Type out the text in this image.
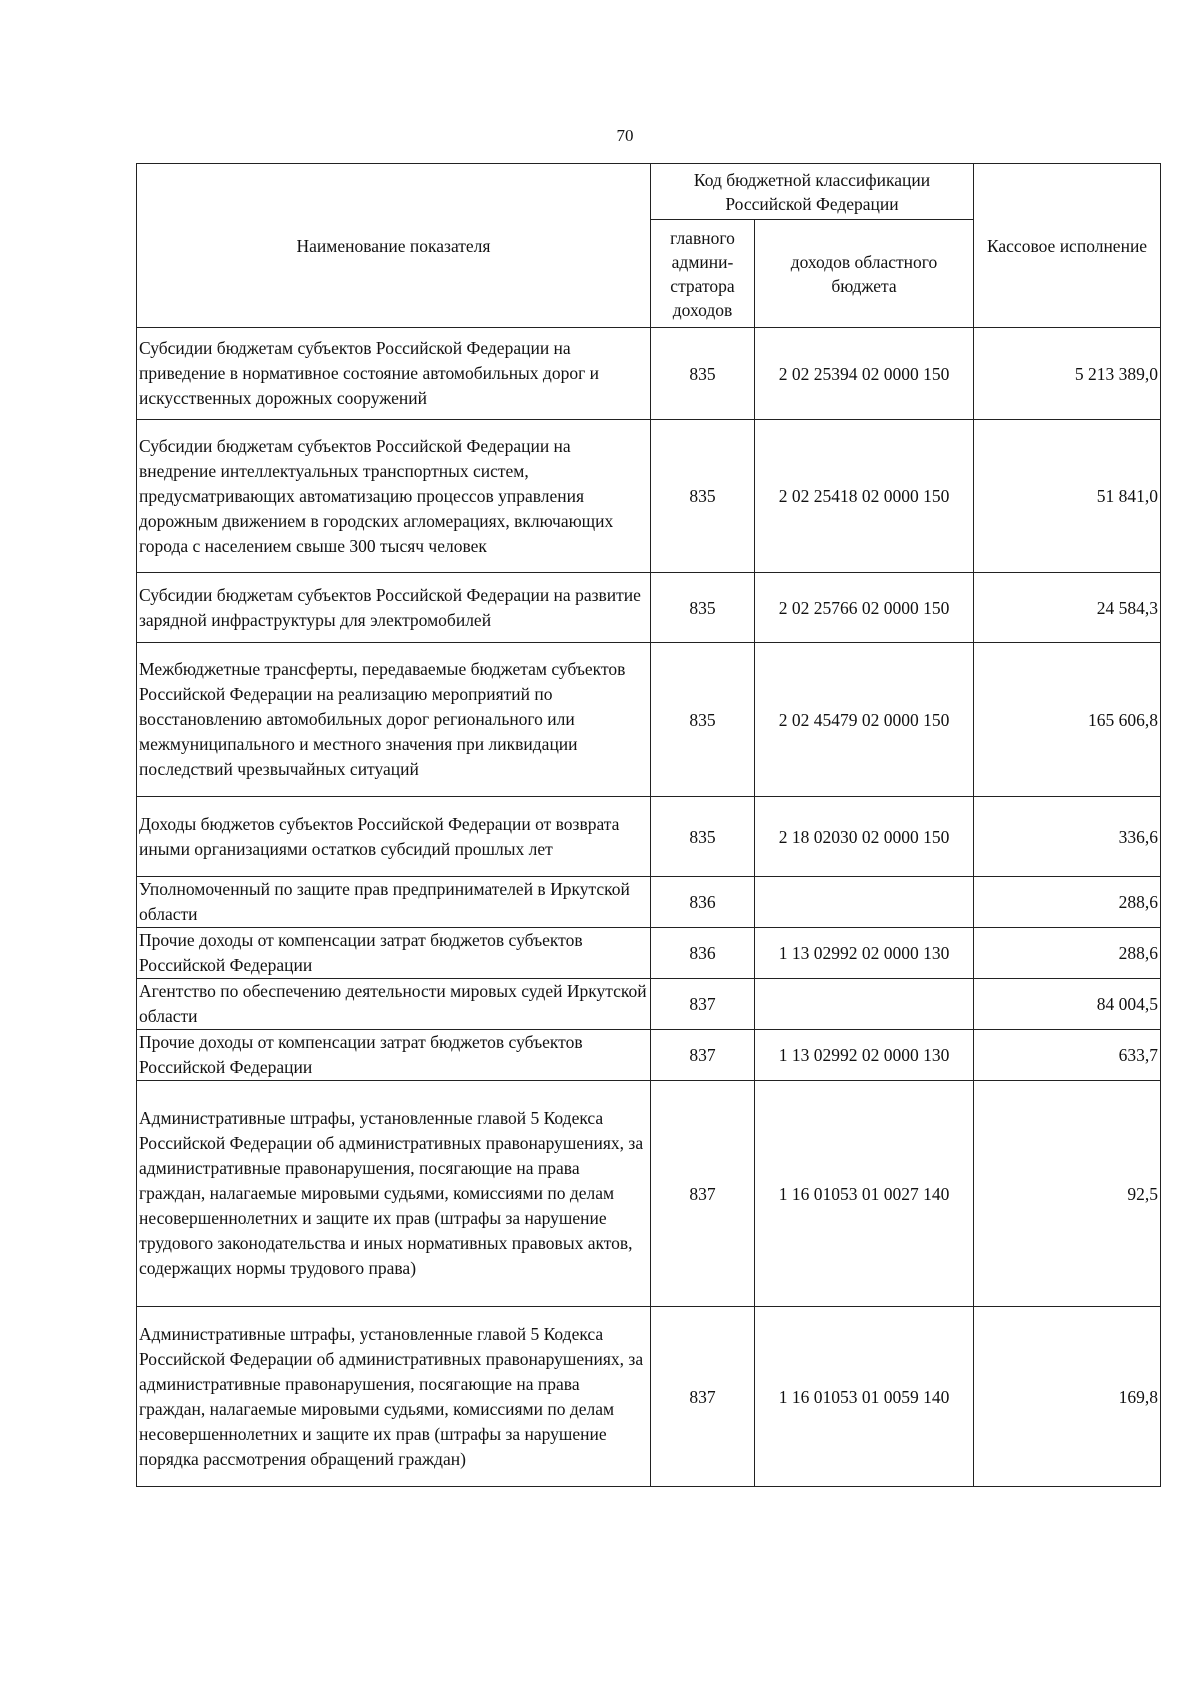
70
Наименование показателя	Код бюджетной классификации Российской Федерации		Кассовое исполнение
	главного админи-стратора доходов	доходов областного бюджета	
Субсидии бюджетам субъектов Российской Федерации на приведение в нормативное состояние автомобильных дорог и искусственных дорожных сооружений	835	2 02 25394 02 0000 150	5 213 389,0
Субсидии бюджетам субъектов Российской Федерации на внедрение интеллектуальных транспортных систем, предусматривающих автоматизацию процессов управления дорожным движением в городских агломерациях, включающих города с населением свыше 300 тысяч человек	835	2 02 25418 02 0000 150	51 841,0
Субсидии бюджетам субъектов Российской Федерации на развитие зарядной инфраструктуры для электромобилей	835	2 02 25766 02 0000 150	24 584,3
Межбюджетные трансферты, передаваемые бюджетам субъектов Российской Федерации на реализацию мероприятий по восстановлению автомобильных дорог регионального или межмуниципального и местного значения при ликвидации последствий чрезвычайных ситуаций	835	2 02 45479 02 0000 150	165 606,8
Доходы бюджетов субъектов Российской Федерации от возврата иными организациями остатков субсидий прошлых лет	835	2 18 02030 02 0000 150	336,6
Уполномоченный по защите прав предпринимателей в Иркутской области	836		288,6
Прочие доходы от компенсации затрат бюджетов субъектов Российской Федерации	836	1 13 02992 02 0000 130	288,6
Агентство по обеспечению деятельности мировых судей Иркутской области	837		84 004,5
Прочие доходы от компенсации затрат бюджетов субъектов Российской Федерации	837	1 13 02992 02 0000 130	633,7
Административные штрафы, установленные главой 5 Кодекса Российской Федерации об административных правонарушениях, за административные правонарушения, посягающие на права граждан, налагаемые мировыми судьями, комиссиями по делам несовершеннолетних и защите их прав (штрафы за нарушение трудового законодательства и иных нормативных правовых актов, содержащих нормы трудового права)	837	1 16 01053 01 0027 140	92,5
Административные штрафы, установленные главой 5 Кодекса Российской Федерации об административных правонарушениях, за административные правонарушения, посягающие на права граждан, налагаемые мировыми судьями, комиссиями по делам несовершеннолетних и защите их прав (штрафы за нарушение порядка рассмотрения обращений граждан)	837	1 16 01053 01 0059 140	169,8
